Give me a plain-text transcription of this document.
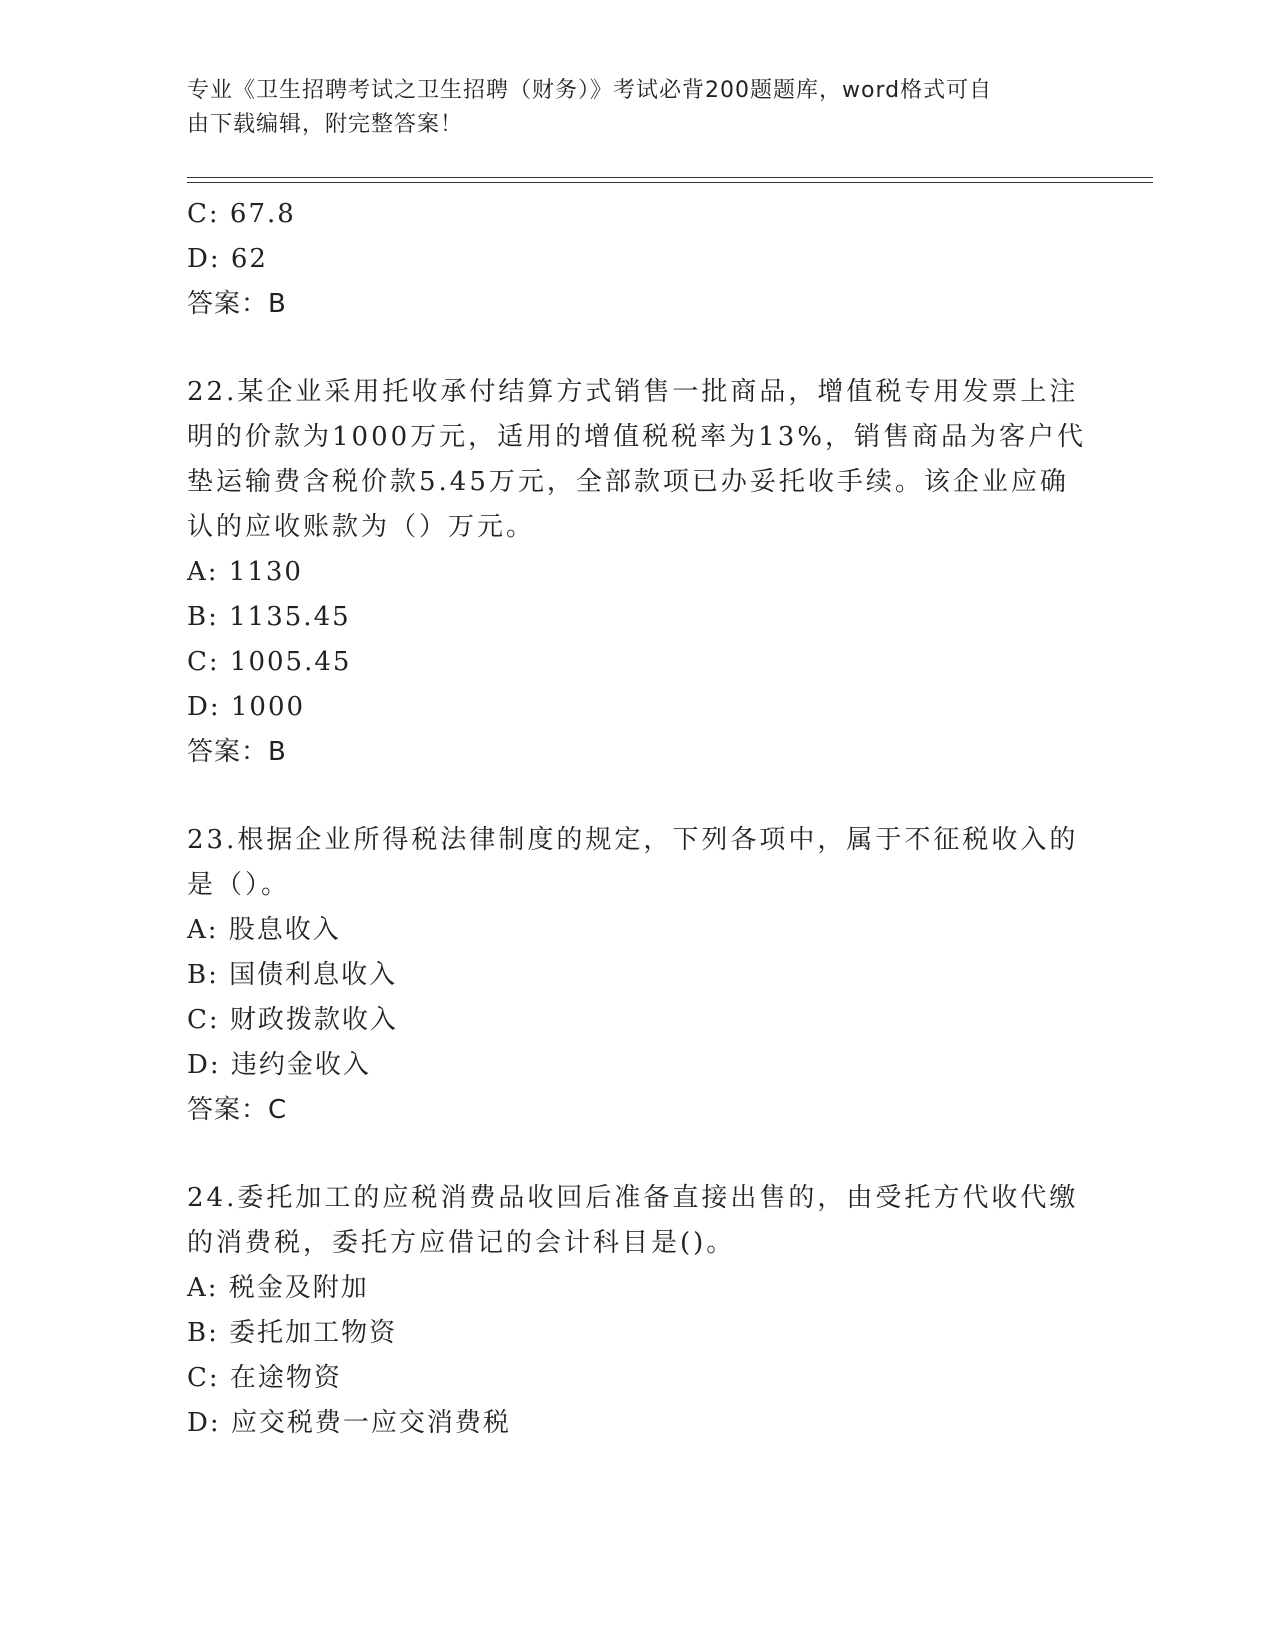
专业《卫生招聘考试之卫生招聘（财务）》考试必背200题题库，word格式可自
由下载编辑，附完整答案！
C: 67.8
D: 62
答案：B
22.某企业采用托收承付结算方式销售一批商品，增值税专用发票上注
明的价款为1000万元，适用的增值税税率为13%，销售商品为客户代
垫运输费含税价款5.45万元，全部款项已办妥托收手续。该企业应确
认的应收账款为（）万元。
A: 1130
B: 1135.45
C: 1005.45
D: 1000
答案：B
23.根据企业所得税法律制度的规定，下列各项中，属于不征税收入的
是（）。
A: 股息收入
B: 国债利息收入
C: 财政拨款收入
D: 违约金收入
答案：C
24.委托加工的应税消费品收回后准备直接出售的，由受托方代收代缴
的消费税，委托方应借记的会计科目是()。
A: 税金及附加
B: 委托加工物资
C: 在途物资
D: 应交税费一应交消费税
